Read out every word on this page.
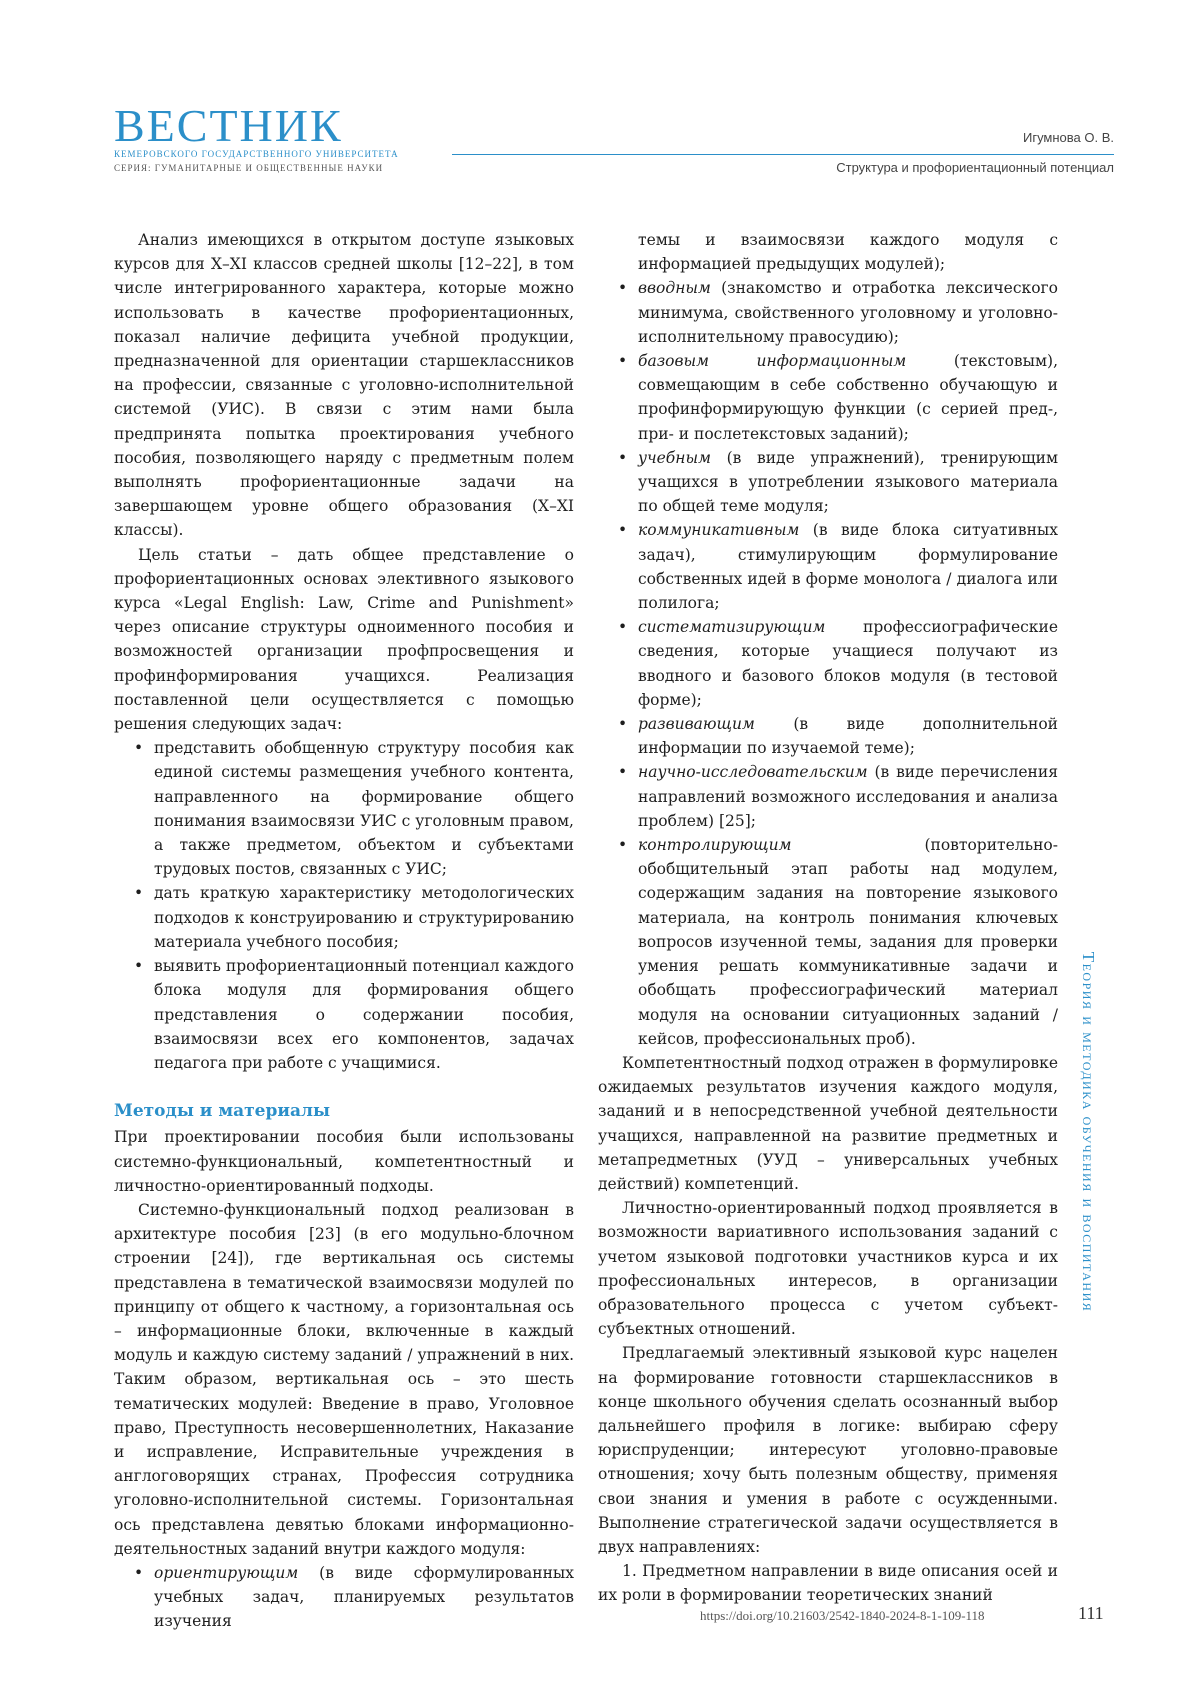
ВЕСТНИК
КЕМЕРОВСКОГО ГОСУДАРСТВЕННОГО УНИВЕРСИТЕТА
СЕРИЯ: ГУМАНИТАРНЫЕ И ОБЩЕСТВЕННЫЕ НАУКИ
Игумнова О. В.
Структура и профориентационный потенциал

Анализ имеющихся в открытом доступе языковых курсов для X–XI классов средней школы [12–22], в том числе интегрированного характера, которые можно использовать в качестве профориентационных, показал наличие дефицита учебной продукции, предназначенной для ориентации старшеклассников на профессии, связанные с уголовно-исполнительной системой (УИС). В связи с этим нами была предпринята попытка проектирования учебного пособия, позволяющего наряду с предметным полем выполнять профориентационные задачи на завершающем уровне общего образования (X–XI классы).

Цель статьи – дать общее представление о профориентационных основах элективного языкового курса «Legal English: Law, Crime and Punishment» через описание структуры одноименного пособия и возможностей организации профпросвещения и профинформирования учащихся. Реализация поставленной цели осуществляется с помощью решения следующих задач:

• представить обобщенную структуру пособия как единой системы размещения учебного контента, направленного на формирование общего понимания взаимосвязи УИС с уголовным правом, а также предметом, объектом и субъектами трудовых постов, связанных с УИС;
• дать краткую характеристику методологических подходов к конструированию и структурированию материала учебного пособия;
• выявить профориентационный потенциал каждого блока модуля для формирования общего представления о содержании пособия, взаимосвязи всех его компонентов, задачах педагога при работе с учащимися.
Методы и материалы

При проектировании пособия были использованы системно-функциональный, компетентностный и личностно-ориентированный подходы.

Системно-функциональный подход реализован в архитектуре пособия [23] (в его модульно-блочном строении [24]), где вертикальная ось системы представлена в тематической взаимосвязи модулей по принципу от общего к частному, а горизонтальная ось – информационные блоки, включенные в каждый модуль и каждую систему заданий / упражнений в них. Таким образом, вертикальная ось – это шесть тематических модулей: Введение в право, Уголовное право, Преступность несовершеннолетних, Наказание и исправление, Исправительные учреждения в англоговорящих странах, Профессия сотрудника уголовно-исполнительной системы. Горизонтальная ось представлена девятью блоками информационно-деятельностных заданий внутри каждого модуля:

• ориентирующим (в виде сформулированных учебных задач, планируемых результатов изучения
темы и взаимосвязи каждого модуля с информацией предыдущих модулей);
• вводным (знакомство и отработка лексического минимума, свойственного уголовному и уголовно-исполнительному правосудию);
• базовым информационным (текстовым), совмещающим в себе собственно обучающую и профинформирующую функции (с серией пред-, при- и послетекстовых заданий);
• учебным (в виде упражнений), тренирующим учащихся в употреблении языкового материала по общей теме модуля;
• коммуникативным (в виде блока ситуативных задач), стимулирующим формулирование собственных идей в форме монолога / диалога или полилога;
• систематизирующим профессиографические сведения, которые учащиеся получают из вводного и базового блоков модуля (в тестовой форме);
• развивающим (в виде дополнительной информации по изучаемой теме);
• научно-исследовательским (в виде перечисления направлений возможного исследования и анализа проблем) [25];
• контролирующим (повторительно-обобщительный этап работы над модулем, содержащим задания на повторение языкового материала, на контроль понимания ключевых вопросов изученной темы, задания для проверки умения решать коммуникативные задачи и обобщать профессиографический материал модуля на основании ситуационных заданий / кейсов, профессиональных проб).

Компетентностный подход отражен в формулировке ожидаемых результатов изучения каждого модуля, заданий и в непосредственной учебной деятельности учащихся, направленной на развитие предметных и метапредметных (УУД – универсальных учебных действий) компетенций.

Личностно-ориентированный подход проявляется в возможности вариативного использования заданий с учетом языковой подготовки участников курса и их профессиональных интересов, в организации образовательного процесса с учетом субъект-субъектных отношений.

Предлагаемый элективный языковой курс нацелен на формирование готовности старшеклассников в конце школьного обучения сделать осознанный выбор дальнейшего профиля в логике: выбираю сферу юриспруденции; интересуют уголовно-правовые отношения; хочу быть полезным обществу, применяя свои знания и умения в работе с осужденными. Выполнение стратегической задачи осуществляется в двух направлениях:

1. Предметном направлении в виде описания осей и их роли в формировании теоретических знаний

Теория и методика обучения и воспитания
https://doi.org/10.21603/2542-1840-2024-8-1-109-118	111
